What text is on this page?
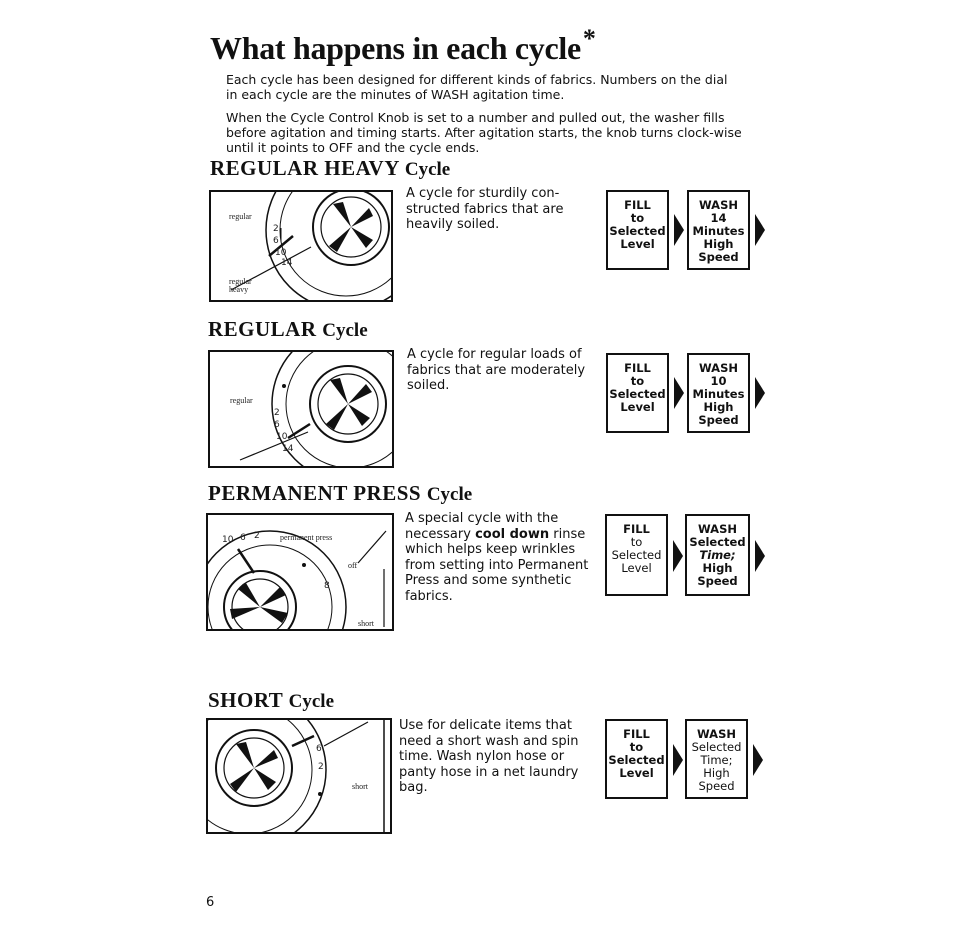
What happens in each cycle*
Each cycle has been designed for different kinds of fabrics. Numbers on the dial in each cycle are the minutes of WASH agitation time.
When the Cycle Control Knob is set to a number and pulled out, the washer fills before agitation and timing starts. After agitation starts, the knob turns clock-wise until it points to OFF and the cycle ends.
REGULAR HEAVY Cycle
regular
regular heavy
2
6
10
14
A cycle for sturdily con-structed fabrics that are heavily soiled.
FILL
to
Selected
Level
WASH
14
Minutes
High
Speed
REGULAR Cycle
regular
2
6
10
14
A cycle for regular loads of fabrics that are moderately soiled.
FILL
to
Selected
Level
WASH
10
Minutes
High
Speed
PERMANENT PRESS Cycle
10 6 2	permanent press
off
8
short
A special cycle with the necessary cool down rinse which helps keep wrinkles from setting into Permanent Press and some synthetic fabrics.
FILL
to
Selected
Level
WASH
Selected
Time;
High
Speed
SHORT Cycle
6
2
short
Use for delicate items that need a short wash and spin time. Wash nylon hose or panty hose in a net laundry bag.
FILL
to
Selected
Level
WASH
Selected
Time;
High
Speed
6
